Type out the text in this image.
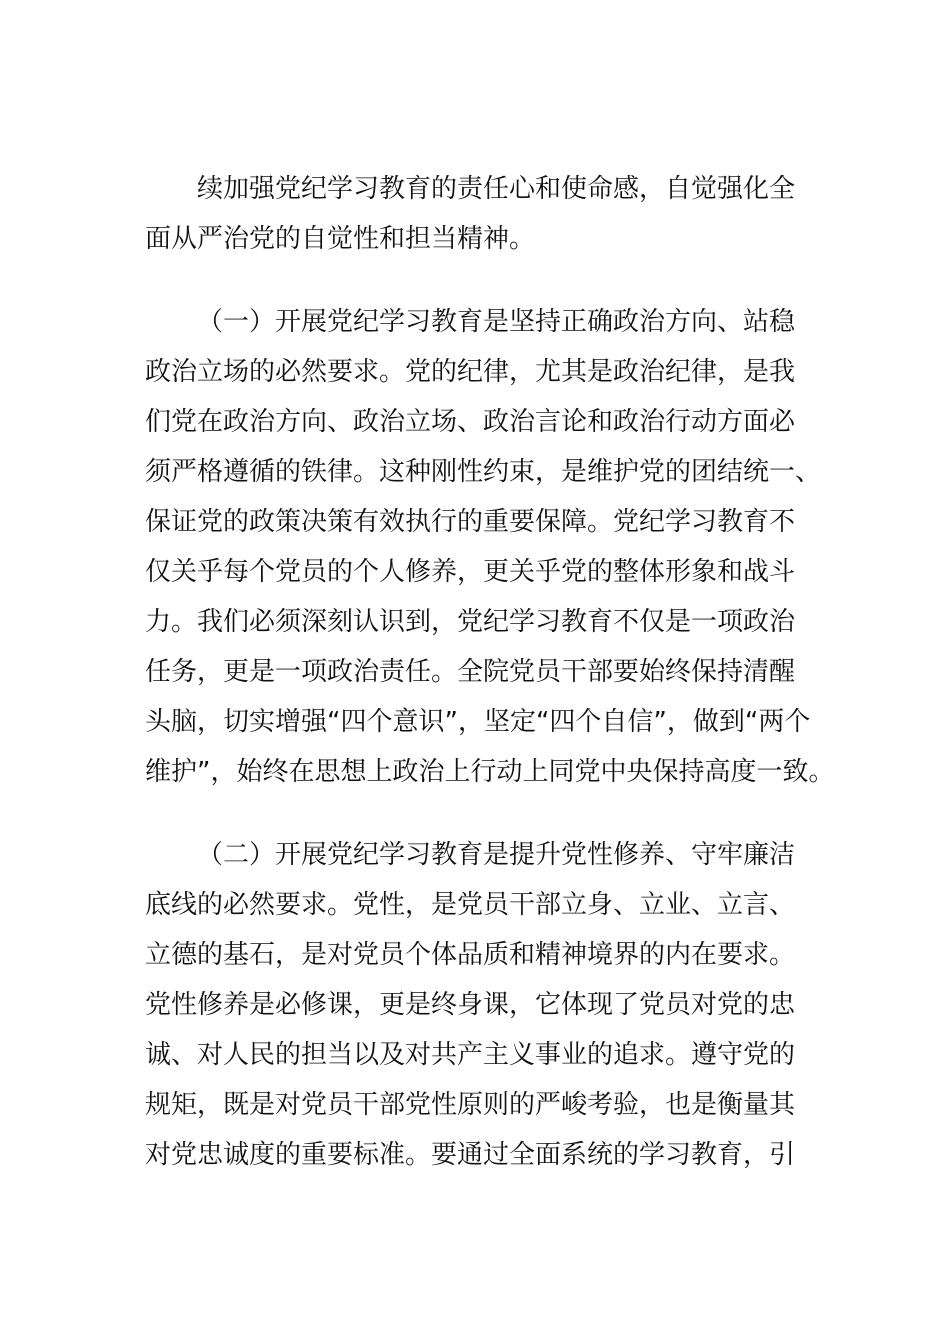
续加强党纪学习教育的责任心和使命感，自觉强化全
面从严治党的自觉性和担当精神。
（一）开展党纪学习教育是坚持正确政治方向、站稳
政治立场的必然要求。党的纪律，尤其是政治纪律，是我
们党在政治方向、政治立场、政治言论和政治行动方面必
须严格遵循的铁律。这种刚性约束，是维护党的团结统一、
保证党的政策决策有效执行的重要保障。党纪学习教育不
仅关乎每个党员的个人修养，更关乎党的整体形象和战斗
力。我们必须深刻认识到，党纪学习教育不仅是一项政治
任务，更是一项政治责任。全院党员干部要始终保持清醒
头脑，切实增强“四个意识”，坚定“四个自信”，做到“两个
维护”，始终在思想上政治上行动上同党中央保持高度一致。
（二）开展党纪学习教育是提升党性修养、守牢廉洁
底线的必然要求。党性，是党员干部立身、立业、立言、
立德的基石，是对党员个体品质和精神境界的内在要求。
党性修养是必修课，更是终身课，它体现了党员对党的忠
诚、对人民的担当以及对共产主义事业的追求。遵守党的
规矩，既是对党员干部党性原则的严峻考验，也是衡量其
对党忠诚度的重要标准。要通过全面系统的学习教育，引
